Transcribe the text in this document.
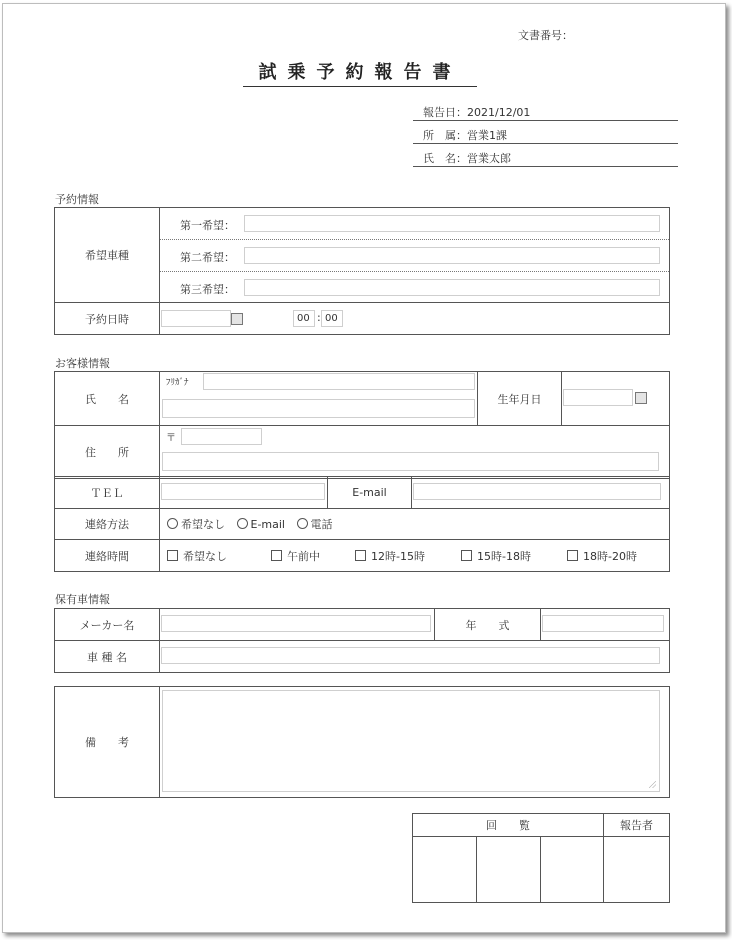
文書番号：
試乗予約報告書
報告日：2021/12/01
所　属：営業1課
氏　名：営業太郎
予約情報
希望車種	第一希望：
第二希望：
第三希望：

予約日時	00 : 00
お客様情報
氏　　名	ﾌﾘｶﾞﾅ	生年月日	

住　　所	〒		
ＴＥＬ		E-mail	

連絡方法	希望なし E-mail 電話		
連絡時間	希望なし 午前中 12時-15時 15時-18時 18時-20時		
保有車情報
メーカー名		年　　式	

車 種 名			
備　　考	
回　　覧			報告者
